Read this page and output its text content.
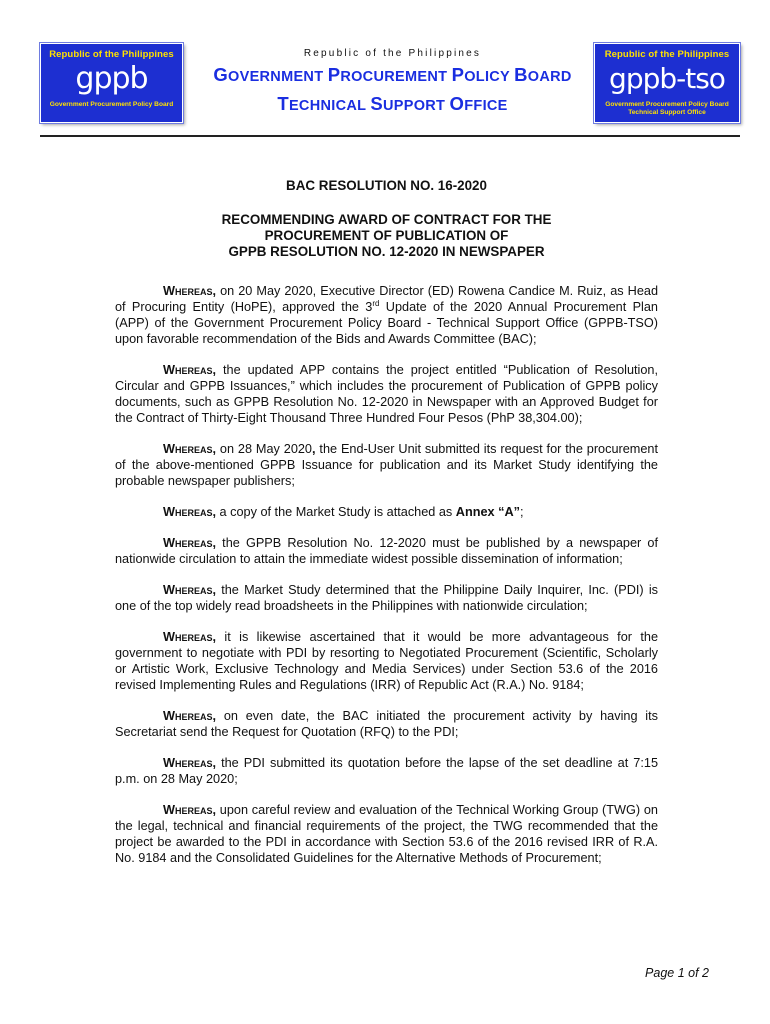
Republic of the Philippines
gppb
Government Procurement Policy Board
Republic of the Philippines
GOVERNMENT PROCUREMENT POLICY BOARD
TECHNICAL SUPPORT OFFICE
Republic of the Philippines
gppb-tso
Government Procurement Policy Board
Technical Support Office
BAC RESOLUTION NO. 16-2020
RECOMMENDING AWARD OF CONTRACT FOR THE
PROCUREMENT OF PUBLICATION OF
GPPB RESOLUTION NO. 12-2020 IN NEWSPAPER

Whereas, on 20 May 2020, Executive Director (ED) Rowena Candice M. Ruiz, as Head of Procuring Entity (HoPE), approved the 3rd Update of the 2020 Annual Procurement Plan (APP) of the Government Procurement Policy Board - Technical Support Office (GPPB-TSO) upon favorable recommendation of the Bids and Awards Committee (BAC);

Whereas, the updated APP contains the project entitled “Publication of Resolution, Circular and GPPB Issuances,” which includes the procurement of Publication of GPPB policy documents, such as GPPB Resolution No. 12-2020 in Newspaper with an Approved Budget for the Contract of Thirty-Eight Thousand Three Hundred Four Pesos (PhP 38,304.00);

Whereas, on 28 May 2020, the End-User Unit submitted its request for the procurement of the above-mentioned GPPB Issuance for publication and its Market Study identifying the probable newspaper publishers;

Whereas, a copy of the Market Study is attached as Annex “A”;

Whereas, the GPPB Resolution No. 12-2020 must be published by a newspaper of nationwide circulation to attain the immediate widest possible dissemination of information;

Whereas, the Market Study determined that the Philippine Daily Inquirer, Inc. (PDI) is one of the top widely read broadsheets in the Philippines with nationwide circulation;

Whereas, it is likewise ascertained that it would be more advantageous for the government to negotiate with PDI by resorting to Negotiated Procurement (Scientific, Scholarly or Artistic Work, Exclusive Technology and Media Services) under Section 53.6 of the 2016 revised Implementing Rules and Regulations (IRR) of Republic Act (R.A.) No. 9184;

Whereas, on even date, the BAC initiated the procurement activity by having its Secretariat send the Request for Quotation (RFQ) to the PDI;

Whereas, the PDI submitted its quotation before the lapse of the set deadline at 7:15 p.m. on 28 May 2020;

Whereas, upon careful review and evaluation of the Technical Working Group (TWG) on the legal, technical and financial requirements of the project, the TWG recommended that the project be awarded to the PDI in accordance with Section 53.6 of the 2016 revised IRR of R.A. No. 9184 and the Consolidated Guidelines for the Alternative Methods of Procurement;

Page 1 of 2
